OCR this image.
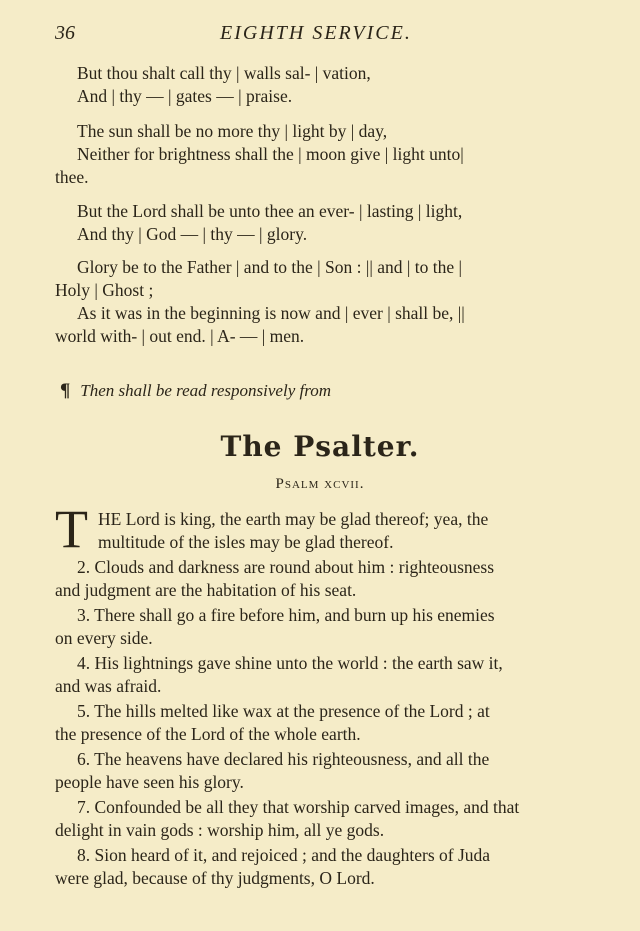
36	EIGHTH SERVICE.
But thou shalt call thy | walls sal- | vation,
And | thy — | gates — | praise.
The sun shall be no more thy | light by | day,
Neither for brightness shall the | moon give | light unto|
thee.
But the Lord shall be unto thee an ever- | lasting | light,
And thy | God — | thy — | glory.
Glory be to the Father | and to the | Son : || and | to the |
Holy | Ghost ;
As it was in the beginning is now and | ever | shall be, ||
world with- | out end. | A- — | men.
¶ Then shall be read responsively from
The Psalter.
Psalm xcvii.
T HE Lord is king, the earth may be glad thereof; yea, the
multitude of the isles may be glad thereof.
2. Clouds and darkness are round about him : righteousness
and judgment are the habitation of his seat.
3. There shall go a fire before him, and burn up his enemies
on every side.
4. His lightnings gave shine unto the world : the earth saw it,
and was afraid.
5. The hills melted like wax at the presence of the Lord ; at
the presence of the Lord of the whole earth.
6. The heavens have declared his righteousness, and all the
people have seen his glory.
7. Confounded be all they that worship carved images, and that
delight in vain gods : worship him, all ye gods.
8. Sion heard of it, and rejoiced ; and the daughters of Juda
were glad, because of thy judgments, O Lord.
